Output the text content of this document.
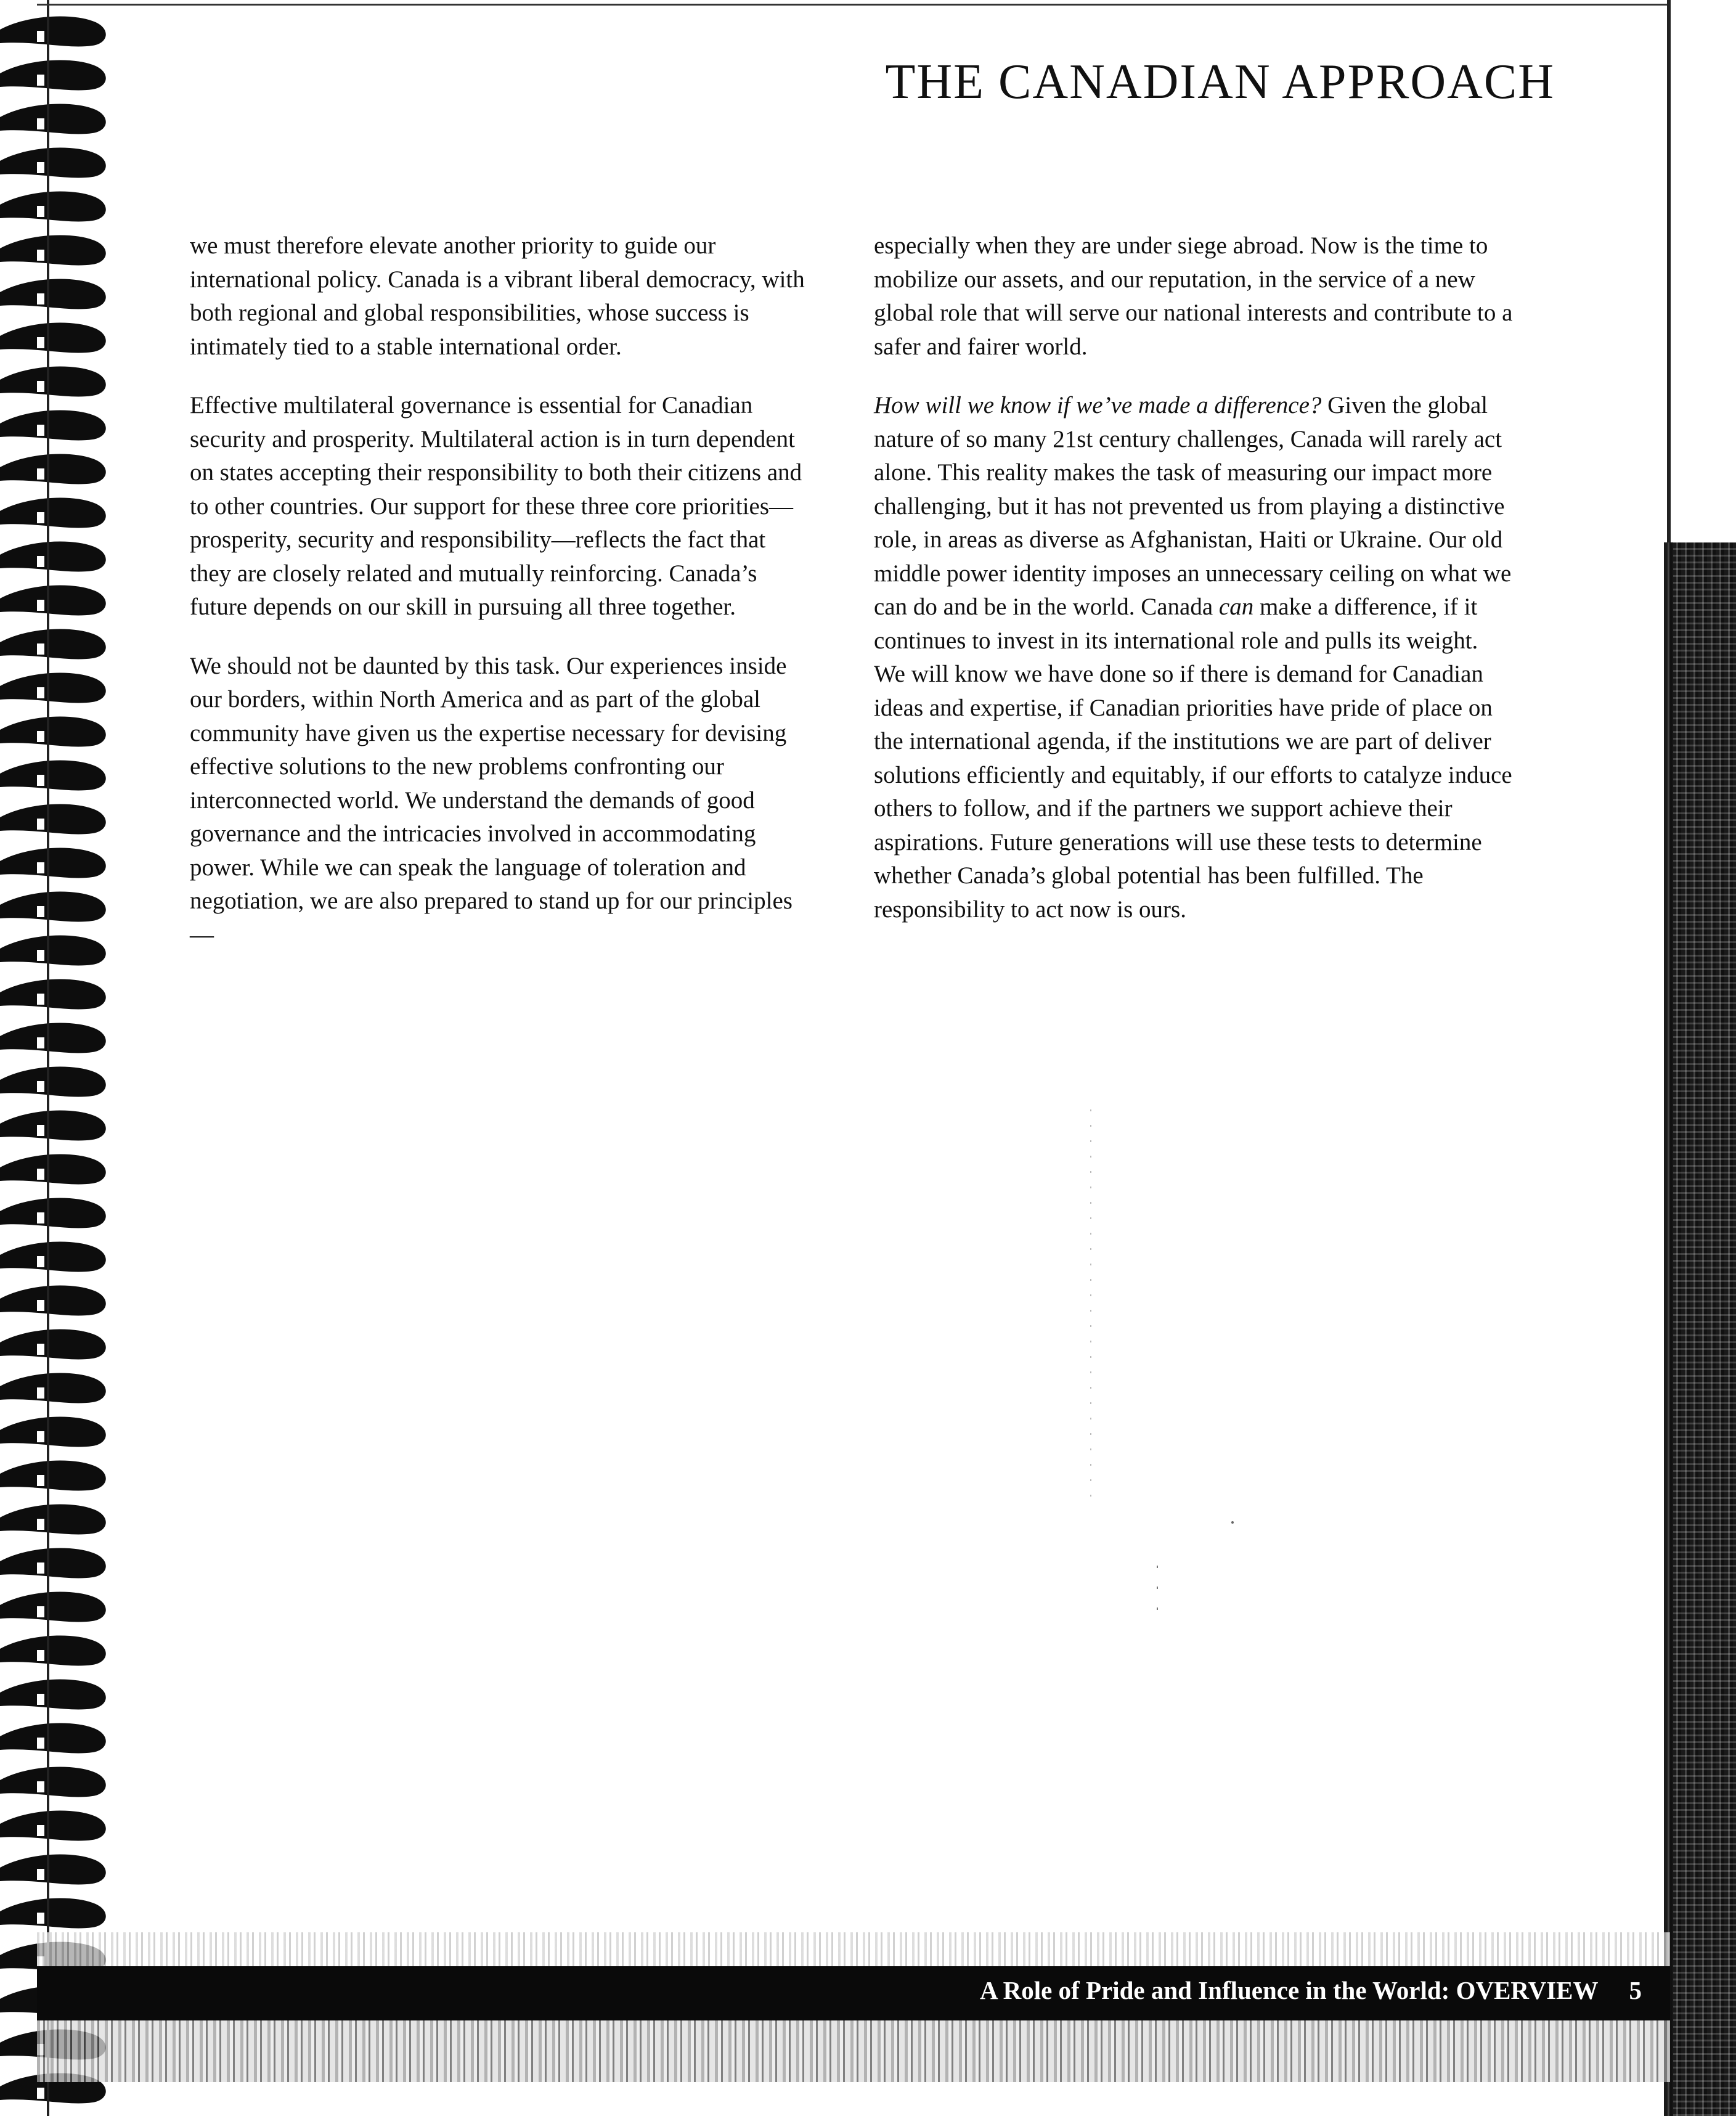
THE CANADIAN APPROACH

we must therefore elevate another priority to guide our international policy. Canada is a vibrant liberal democracy, with both regional and global responsibilities, whose success is intimately tied to a stable international order.

Effective multilateral governance is essential for Canadian security and prosperity. Multilateral action is in turn dependent on states accepting their responsibility to both their citizens and to other countries. Our support for these three core priorities—prosperity, security and responsibility—reflects the fact that they are closely related and mutually reinforcing. Canada’s future depends on our skill in pursuing all three together.

We should not be daunted by this task. Our experiences inside our borders, within North America and as part of the global community have given us the expertise necessary for devising effective solutions to the new problems confronting our interconnected world. We understand the demands of good governance and the intricacies involved in accommodating power. While we can speak the language of toleration and negotiation, we are also prepared to stand up for our principles—

especially when they are under siege abroad. Now is the time to mobilize our assets, and our reputation, in the service of a new global role that will serve our national interests and contribute to a safer and fairer world.

How will we know if we’ve made a difference? Given the global nature of so many 21st century challenges, Canada will rarely act alone. This reality makes the task of measuring our impact more challenging, but it has not prevented us from playing a distinctive role, in areas as diverse as Afghanistan, Haiti or Ukraine. Our old middle power identity imposes an unnecessary ceiling on what we can do and be in the world. Canada can make a difference, if it continues to invest in its international role and pulls its weight. We will know we have done so if there is demand for Canadian ideas and expertise, if Canadian priorities have pride of place on the international agenda, if the institutions we are part of deliver solutions efficiently and equitably, if our efforts to catalyze induce others to follow, and if the partners we support achieve their aspirations. Future generations will use these tests to determine whether Canada’s global potential has been fulfilled. The responsibility to act now is ours.

A Role of Pride and Influence in the World: OVERVIEW 5
